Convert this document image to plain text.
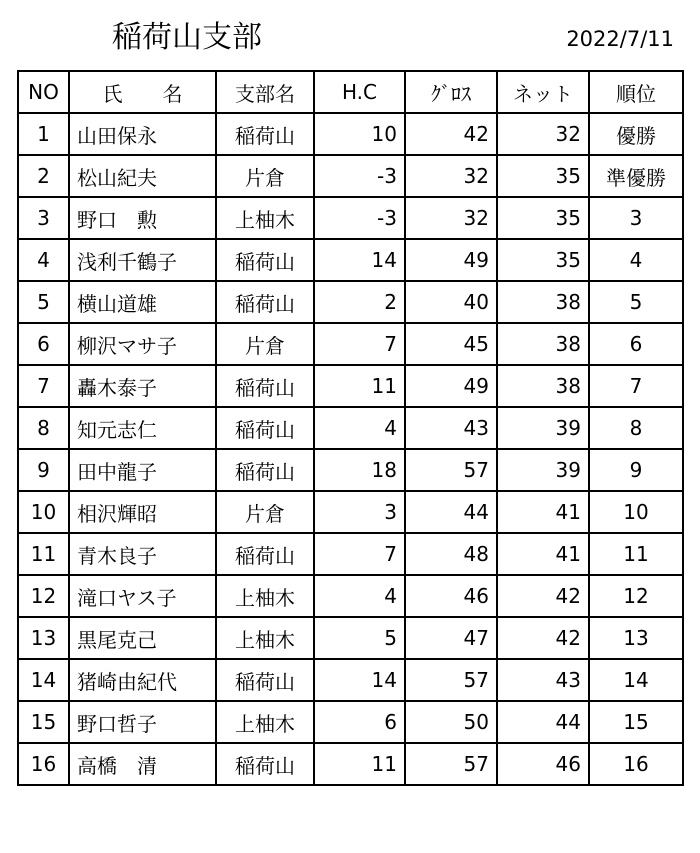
稲荷山支部	2022/7/11
NO	氏　　名	支部名	H.C	ｸﾞﾛｽ	ネット	順位
1	山田保永	稲荷山	10	42	32	優勝
2	松山紀夫	片倉	-3	32	35	準優勝
3	野口　勲	上柚木	-3	32	35	3
4	浅利千鶴子	稲荷山	14	49	35	4
5	横山道雄	稲荷山	2	40	38	5
6	柳沢マサ子	片倉	7	45	38	6
7	轟木泰子	稲荷山	11	49	38	7
8	知元志仁	稲荷山	4	43	39	8
9	田中龍子	稲荷山	18	57	39	9
10	相沢輝昭	片倉	3	44	41	10
11	青木良子	稲荷山	7	48	41	11
12	滝口ヤス子	上柚木	4	46	42	12
13	黒尾克己	上柚木	5	47	42	13
14	猪崎由紀代	稲荷山	14	57	43	14
15	野口哲子	上柚木	6	50	44	15
16	高橋　清	稲荷山	11	57	46	16
